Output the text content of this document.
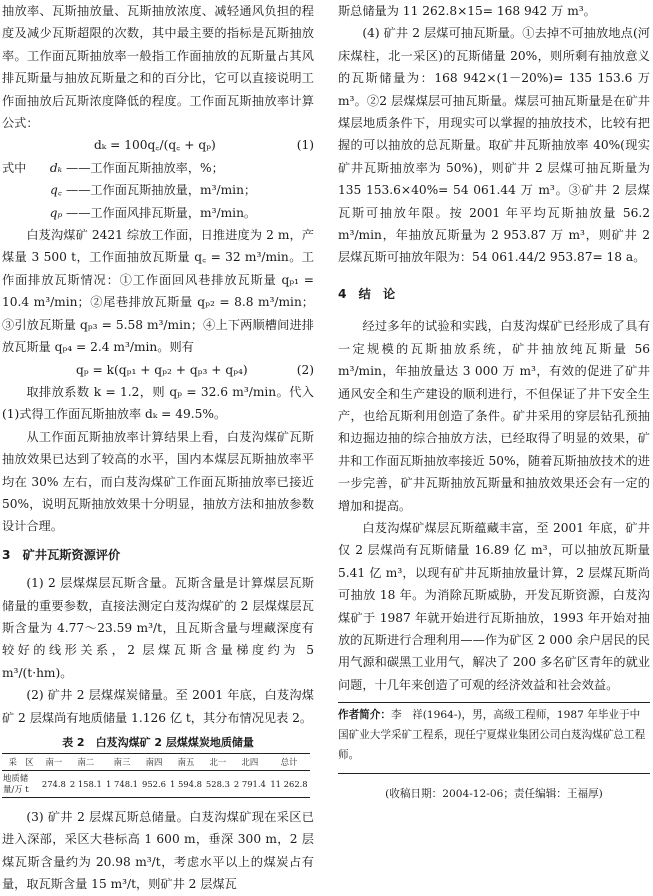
抽放率、瓦斯抽放量、瓦斯抽放浓度、减轻通风负担的程度及减少瓦斯超限的次数，其中最主要的指标是瓦斯抽放率。工作面瓦斯抽放率一般指工作面抽放的瓦斯量占其风排瓦斯量与抽放瓦斯量之和的百分比，它可以直接说明工作面抽放后瓦斯浓度降低的程度。工作面瓦斯抽放率计算公式：

dₖ = 100q꜀/(q꜀ + qₚ)	(1)
式中	dₖ ——工作面瓦斯抽放率，%；
q꜀ ——工作面瓦斯抽放量，m³/min；
qₚ ——工作面风排瓦斯量，m³/min。

白芨沟煤矿 2421 综放工作面，日推进度为 2 m，产煤量 3 500 t，工作面抽放瓦斯量 q꜀ = 32 m³/min。工作面排放瓦斯情况：①工作面回风巷排放瓦斯量 qₚ₁ = 10.4 m³/min；②尾巷排放瓦斯量 qₚ₂ = 8.8 m³/min；③引放瓦斯量 qₚ₃ = 5.58 m³/min；④上下两顺槽间进排放瓦斯量 qₚ₄ = 2.4 m³/min。则有

qₚ = k(qₚ₁ + qₚ₂ + qₚ₃ + qₚ₄)	(2)

取排放系数 k = 1.2，则 qₚ = 32.6 m³/min。代入(1)式得工作面瓦斯抽放率 dₖ = 49.5%。

从工作面瓦斯抽放率计算结果上看，白芨沟煤矿瓦斯抽放效果已达到了较高的水平，国内本煤层瓦斯抽放率平均在 30% 左右，而白芨沟煤矿工作面瓦斯抽放率已接近 50%，说明瓦斯抽放效果十分明显，抽放方法和抽放参数设计合理。

3　矿井瓦斯资源评价

(1) 2 层煤煤层瓦斯含量。瓦斯含量是计算煤层瓦斯储量的重要参数，直接法测定白芨沟煤矿的 2 层煤煤层瓦斯含量为 4.77～23.59 m³/t，且瓦斯含量与埋藏深度有较好的线形关系，2 层煤瓦斯含量梯度约为 5 m³/(t·hm)。

(2) 矿井 2 层煤煤炭储量。至 2001 年底，白芨沟煤矿 2 层煤尚有地质储量 1.126 亿 t，其分布情况见表 2。

表 2　白芨沟煤矿 2 层煤煤炭地质储量
采　区	南一	南二	南三	南四	南五	北一	北四	总计
地质储量/万 t	274.8	2 158.1	1 748.1	952.6	1 594.8	528.3	2 791.4	11 262.8

(3) 矿井 2 层煤瓦斯总储量。白芨沟煤矿现在采区已进入深部，采区大巷标高 1 600 m，垂深 300 m，2 层煤瓦斯含量约为 20.98 m³/t，考虑水平以上的煤炭占有量，取瓦斯含量 15 m³/t，则矿井 2 层煤瓦

斯总储量为 11 262.8×15= 168 942 万 m³。

(4) 矿井 2 层煤可抽瓦斯量。①去掉不可抽放地点(河床煤柱，北一采区)的瓦斯储量 20%，则所剩有抽放意义的瓦斯储量为：168 942×(1－20%)= 135 153.6 万 m³。②2 层煤煤层可抽瓦斯量。煤层可抽瓦斯量是在矿井煤层地质条件下，用现实可以掌握的抽放技术，比较有把握的可以抽放的总瓦斯量。取矿井瓦斯抽放率 40%(现实矿井瓦斯抽放率为 50%)，则矿井 2 层煤可抽瓦斯量为 135 153.6×40%= 54 061.44 万 m³。③矿井 2 层煤瓦斯可抽放年限。按 2001 年平均瓦斯抽放量 56.2 m³/min，年抽放瓦斯量为 2 953.87 万 m³，则矿井 2 层煤瓦斯可抽放年限为：54 061.44/2 953.87= 18 a。

4　结　论

经过多年的试验和实践，白芨沟煤矿已经形成了具有一定规模的瓦斯抽放系统，矿井抽放纯瓦斯量 56 m³/min，年抽放量达 3 000 万 m³，有效的促进了矿井通风安全和生产建设的顺利进行，不但保证了井下安全生产，也给瓦斯利用创造了条件。矿井采用的穿层钻孔预抽和边掘边抽的综合抽放方法，已经取得了明显的效果，矿井和工作面瓦斯抽放率接近 50%，随着瓦斯抽放技术的进一步完善，矿井瓦斯抽放瓦斯量和抽放效果还会有一定的增加和提高。

白芨沟煤矿煤层瓦斯蕴藏丰富，至 2001 年底，矿井仅 2 层煤尚有瓦斯储量 16.89 亿 m³，可以抽放瓦斯量 5.41 亿 m³，以现有矿井瓦斯抽放量计算，2 层煤瓦斯尚可抽放 18 年。为消除瓦斯威胁，开发瓦斯资源，白芨沟煤矿于 1987 年就开始进行瓦斯抽放，1993 年开始对抽放的瓦斯进行合理利用——作为矿区 2 000 余户居民的民用气源和碳黑工业用气，解决了 200 多名矿区青年的就业问题，十几年来创造了可观的经济效益和社会效益。

作者简介：李　祥(1964-)，男，高级工程师，1987 年毕业于中国矿业大学采矿工程系，现任宁夏煤业集团公司白芨沟煤矿总工程师。
(收稿日期：2004-12-06；责任编辑：王福厚)
